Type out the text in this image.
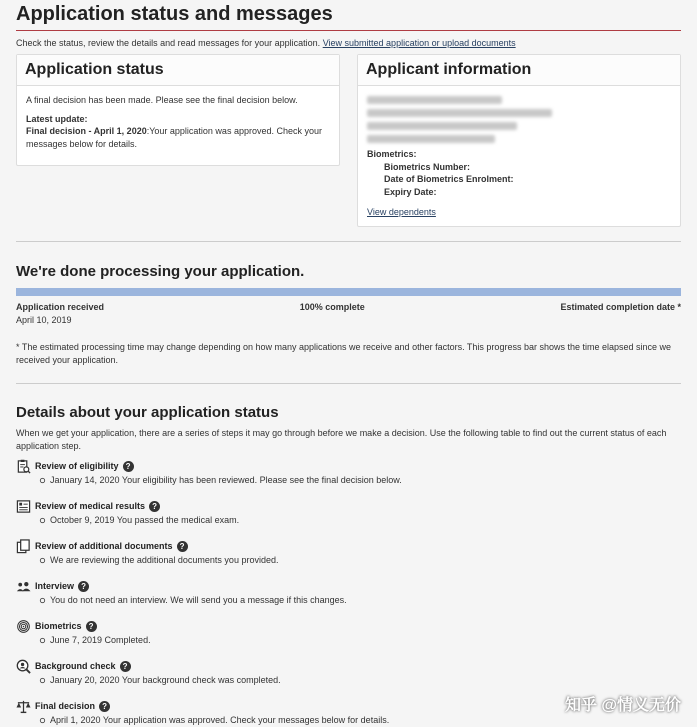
Application status and messages
Check the status, review the details and read messages for your application. View submitted application or upload documents
Application status
A final decision has been made. Please see the final decision below.
Latest update:
Final decision - April 1, 2020:Your application was approved. Check your messages below for details.
Applicant information
Biometrics:
Biometrics Number:
Date of Biometrics Enrolment:
Expiry Date:
View dependents
We're done processing your application.
Application received	100% complete	Estimated completion date *
April 10, 2019
* The estimated processing time may change depending on how many applications we receive and other factors. This progress bar shows the time elapsed since we received your application.
Details about your application status
When we get your application, there are a series of steps it may go through before we make a decision. Use the following table to find out the current status of each application step.
Review of eligibility ?
January 14, 2020 Your eligibility has been reviewed. Please see the final decision below.
Review of medical results ?
October 9, 2019 You passed the medical exam.
Review of additional documents ?
We are reviewing the additional documents you provided.
Interview ?
You do not need an interview. We will send you a message if this changes.
Biometrics ?
June 7, 2019 Completed.
Background check ?
January 20, 2020 Your background check was completed.
Final decision ?
April 1, 2020 Your application was approved. Check your messages below for details.
知乎 @情义无价
